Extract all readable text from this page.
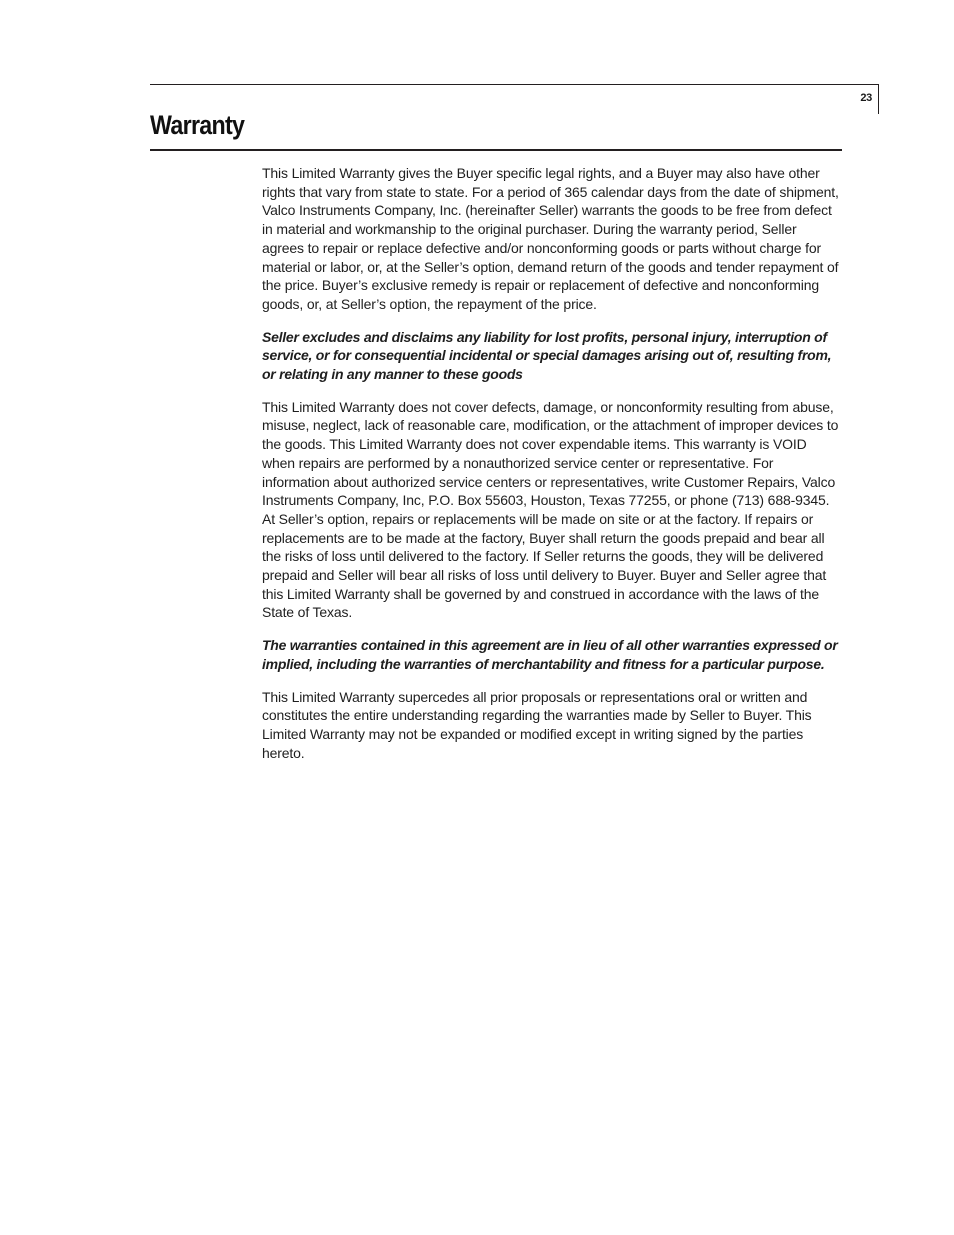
23
Warranty

This Limited Warranty gives the Buyer specific legal rights, and a Buyer may also have other rights that vary from state to state. For a period of 365 calendar days from the date of shipment, Valco Instruments Company, Inc. (hereinafter Seller) warrants the goods to be free from defect in material and workmanship to the original purchaser. During the warranty period, Seller agrees to repair or replace defective and/or nonconforming goods or parts without charge for material or labor, or, at the Seller’s option, demand return of the goods and tender repayment of the price. Buyer’s exclusive remedy is repair or replacement of defective and nonconforming goods, or, at Seller’s option, the repayment of the price.

Seller excludes and disclaims any liability for lost profits, personal injury, interruption of service, or for consequential incidental or special damages arising out of, resulting from, or relating in any manner to these goods

This Limited Warranty does not cover defects, damage, or nonconformity resulting from abuse, misuse, neglect, lack of reasonable care, modification, or the attachment of improper devices to the goods. This Limited Warranty does not cover expendable items. This warranty is VOID when repairs are performed by a nonauthorized service center or representative. For information about authorized service centers or representatives, write Customer Repairs, Valco Instruments Company, Inc, P.O. Box 55603, Houston, Texas 77255, or phone (713) 688-9345. At Seller’s option, repairs or replacements will be made on site or at the factory. If repairs or replacements are to be made at the factory, Buyer shall return the goods prepaid and bear all the risks of loss until delivered to the factory. If Seller returns the goods, they will be delivered prepaid and Seller will bear all risks of loss until delivery to Buyer. Buyer and Seller agree that this Limited Warranty shall be governed by and construed in accordance with the laws of the State of Texas.

The warranties contained in this agreement are in lieu of all other warranties expressed or implied, including the warranties of merchantability and fitness for a particular purpose.

This Limited Warranty supercedes all prior proposals or representations oral or written and constitutes the entire understanding regarding the warranties made by Seller to Buyer. This Limited Warranty may not be expanded or modified except in writing signed by the parties hereto.
